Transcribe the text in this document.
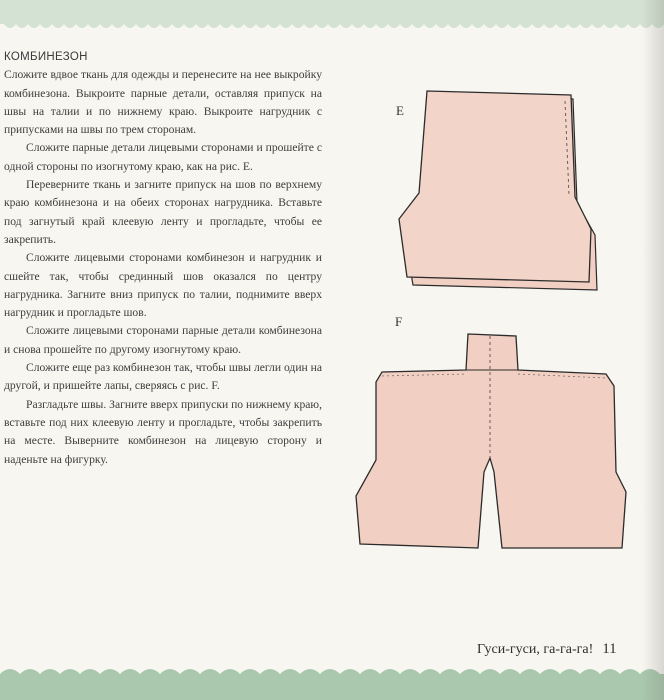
КОМБИНЕЗОН

Сложите вдвое ткань для одежды и перенесите на нее выкройку комбинезона. Выкроите парные детали, оставляя припуск на швы на талии и по нижнему краю. Выкроите нагрудник с припусками на швы по трем сторонам.

Сложите парные детали лицевыми сторонами и прошейте с одной стороны по изогнутому краю, как на рис. Е.

Переверните ткань и загните припуск на шов по верхнему краю комбинезона и на обеих сторонах нагрудника. Вставьте под загнутый край клеевую ленту и прогладьте, чтобы ее закрепить.

Сложите лицевыми сторонами комбинезон и нагрудник и сшейте так, чтобы срединный шов оказался по центру нагрудника. Загните вниз припуск по талии, поднимите вверх нагрудник и прогладьте шов.

Сложите лицевыми сторонами парные детали комбинезона и снова прошейте по другому изогнутому краю.

Сложите еще раз комбинезон так, чтобы швы легли один на другой, и пришейте лапы, сверяясь с рис. F.

Разгладьте швы. Загните вверх припуски по нижнему краю, вставьте под них клеевую ленту и прогладьте, чтобы закрепить на месте. Выверните комбинезон на лицевую сторону и наденьте на фигурку.

E
F
Гуси-гуси, га-га-га! 11
